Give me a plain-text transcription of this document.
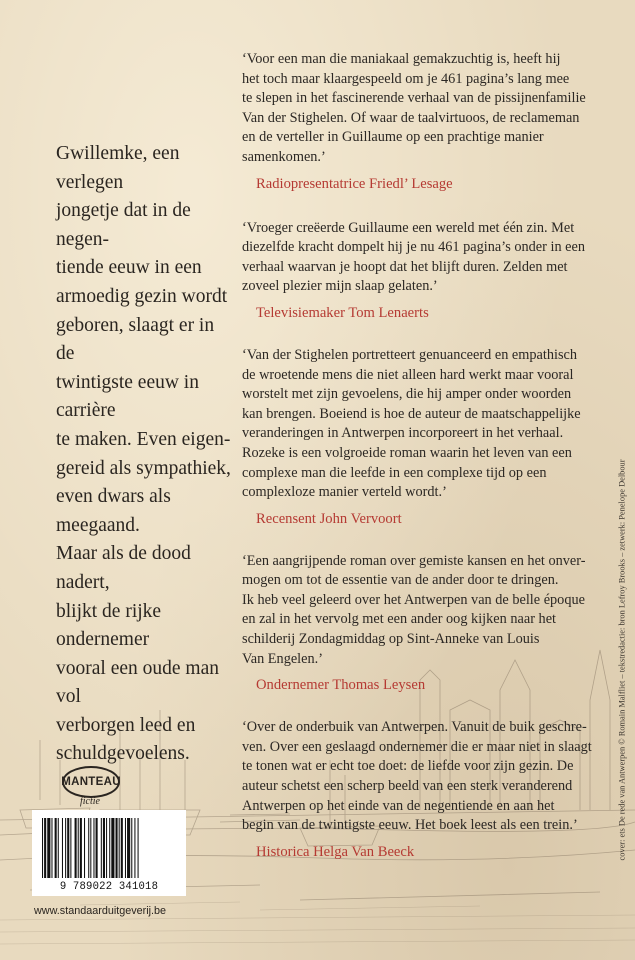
Gwillemke, een verlegen
jongetje dat in de negen-
tiende eeuw in een
armoedig gezin wordt
geboren, slaagt er in de
twintigste eeuw in carrière
te maken. Even eigen-
gereid als sympathiek,
even dwars als meegaand.
Maar als de dood nadert,
blijkt de rijke ondernemer
vooral een oude man vol
verborgen leed en
schuldgevoelens.

‘Voor een man die maniakaal gemakzuchtig is, heeft hij
het toch maar klaargespeeld om je 461 pagina’s lang mee
te slepen in het fascinerende verhaal van de pissijnenfamilie
Van der Stighelen. Of waar de taalvirtuoos, de reclameman
en de verteller in Guillaume op een prachtige manier
samenkomen.’

Radiopresentatrice Friedl’ Lesage

‘Vroeger creëerde Guillaume een wereld met één zin. Met
diezelfde kracht dompelt hij je nu 461 pagina’s onder in een
verhaal waarvan je hoopt dat het blijft duren. Zelden met
zoveel plezier mijn slaap gelaten.’

Televisiemaker Tom Lenaerts

‘Van der Stighelen portretteert genuanceerd en empathisch
de wroetende mens die niet alleen hard werkt maar vooral
worstelt met zijn gevoelens, die hij amper onder woorden
kan brengen. Boeiend is hoe de auteur de maatschappelijke
veranderingen in Antwerpen incorporeert in het verhaal.
Rozeke is een volgroeide roman waarin het leven van een
complexe man die leefde in een complexe tijd op een
complexloze manier verteld wordt.’

Recensent John Vervoort

‘Een aangrijpende roman over gemiste kansen en het onver-
mogen om tot de essentie van de ander door te dringen.
Ik heb veel geleerd over het Antwerpen van de belle époque
en zal in het vervolg met een ander oog kijken naar het
schilderij Zondagmiddag op Sint-Anneke van Louis
Van Engelen.’

Ondernemer Thomas Leysen

‘Over de onderbuik van Antwerpen. Vanuit de buik geschre-
ven. Over een geslaagd ondernemer die er maar niet in slaagt
te tonen wat er echt toe doet: de liefde voor zijn gezin. De
auteur schetst een scherp beeld van een sterk veranderend
Antwerpen op het einde van de negentiende en aan het
begin van de twintigste eeuw. Het boek leest als een trein.’

Historica Helga Van Beeck	cover: ets De rede van Antwerpen © Romain Malfliet – tekstredactie: bron Lefroy Brooks – zetwerk: Penelope Delbour
MANTEAU
fictie
9 789022 341018
www.standaarduitgeverij.be
